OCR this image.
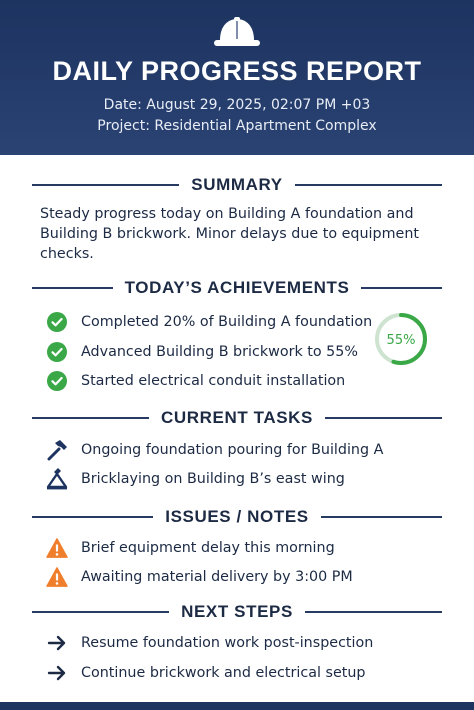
DAILY PROGRESS REPORT
Date: August 29, 2025, 02:07 PM +03
Project: Residential Apartment Complex
SUMMARY
Steady progress today on Building A foundation and Building B brickwork. Minor delays due to equipment checks.
TODAY’S ACHIEVEMENTS
Completed 20% of Building A foundation
Advanced Building B brickwork to 55%
Started electrical conduit installation
55%
CURRENT TASKS
Ongoing foundation pouring for Building A
Bricklaying on Building B’s east wing
ISSUES / NOTES
Brief equipment delay this morning
Awaiting material delivery by 3:00 PM
NEXT STEPS
Resume foundation work post-inspection
Continue brickwork and electrical setup
